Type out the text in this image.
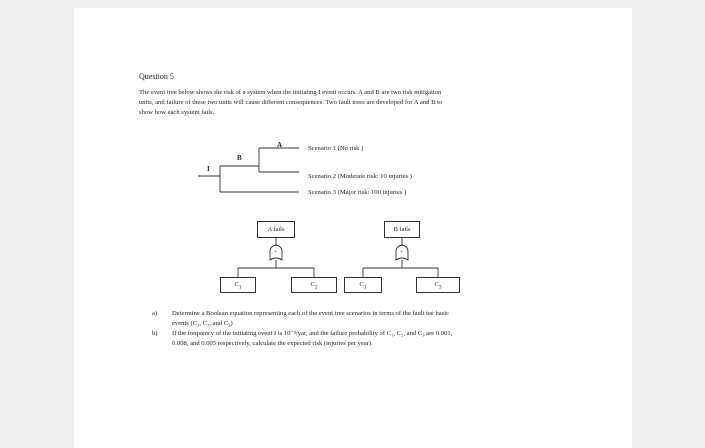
Question 5
The event tree below shows the risk of a system when the initiating I event occurs. A and B are two risk mitigation
units, and failure of these two units will cause different consequences. Two fault trees are developed for A and B to
show how each system fails.
I
A
B
Scenario 1 (No risk )
Scenario 2 (Moderate risk: 10 injuries )
Scenario 3 (Major risk: 100 injuries )
A fails
+
$C_1$	$C_2$
B fails
+
$C_1$	$C_3$
a) Determine a Boolean equation representing each of the event tree scenarios in terms of the fault tee basic
events (C₁, C₂, and C₃)
b) If the frequency of the initiating event I is 10⁻³/yar, and the failure probability of C₁, C₂, and C₃ are 0.001,
0.008, and 0.005 respectively, calculate the expected risk (injuries per year).
